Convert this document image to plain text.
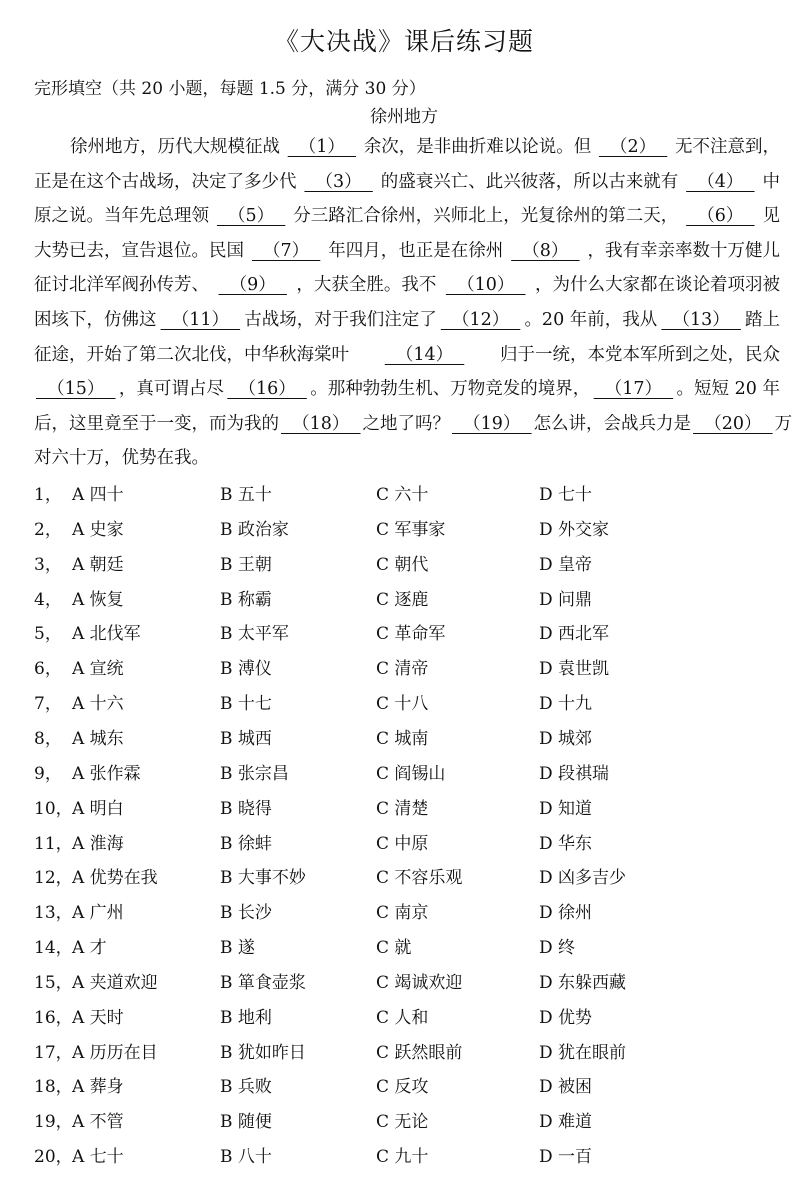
《大决战》课后练习题
完形填空（共 20 小题，每题 1.5 分，满分 30 分）
徐州地方
徐州地方，历代大规模征战 （1） 余次，是非曲折难以论说。但 （2） 无不注意到，
正是在这个古战场，决定了多少代 （3） 的盛衰兴亡、此兴彼落，所以古来就有 （4） 中
原之说。当年先总理领 （5） 分三路汇合徐州，兴师北上，光复徐州的第二天， （6） 见
大势已去，宣告退位。民国 （7） 年四月，也正是在徐州 （8） ，我有幸亲率数十万健儿
征讨北洋军阀孙传芳、 （9） ，大获全胜。我不 （10） ，为什么大家都在谈论着项羽被
困垓下，仿佛这 （11） 古战场，对于我们注定了 （12） 。20 年前，我从 （13） 踏上
征途，开始了第二次北伐，中华秋海棠叶 （14） 归于一统，本党本军所到之处，民众
（15） ，真可谓占尽 （16） 。那种勃勃生机、万物竞发的境界， （17） 。短短 20 年
后，这里竟至于一变，而为我的 （18） 之地了吗？ （19） 怎么讲，会战兵力是 （20） 万
对六十万，优势在我。
1， A 四十	B 五十	C 六十	D 七十
2， A 史家	B 政治家	C 军事家	D 外交家
3， A 朝廷	B 王朝	C 朝代	D 皇帝
4， A 恢复	B 称霸	C 逐鹿	D 问鼎
5， A 北伐军	B 太平军	C 革命军	D 西北军
6， A 宣统	B 溥仪	C 清帝	D 袁世凯
7， A 十六	B 十七	C 十八	D 十九
8， A 城东	B 城西	C 城南	D 城郊
9， A 张作霖	B 张宗昌	C 阎锡山	D 段祺瑞
10， A 明白	B 晓得	C 清楚	D 知道
11， A 淮海	B 徐蚌	C 中原	D 华东
12， A 优势在我	B 大事不妙	C 不容乐观	D 凶多吉少
13， A 广州	B 长沙	C 南京	D 徐州
14， A 才	B 遂	C 就	D 终
15， A 夹道欢迎	B 箪食壶浆	C 竭诚欢迎	D 东躲西藏
16， A 天时	B 地利	C 人和	D 优势
17， A 历历在目	B 犹如昨日	C 跃然眼前	D 犹在眼前
18， A 葬身	B 兵败	C 反攻	D 被困
19， A 不管	B 随便	C 无论	D 难道
20， A 七十	B 八十	C 九十	D 一百
